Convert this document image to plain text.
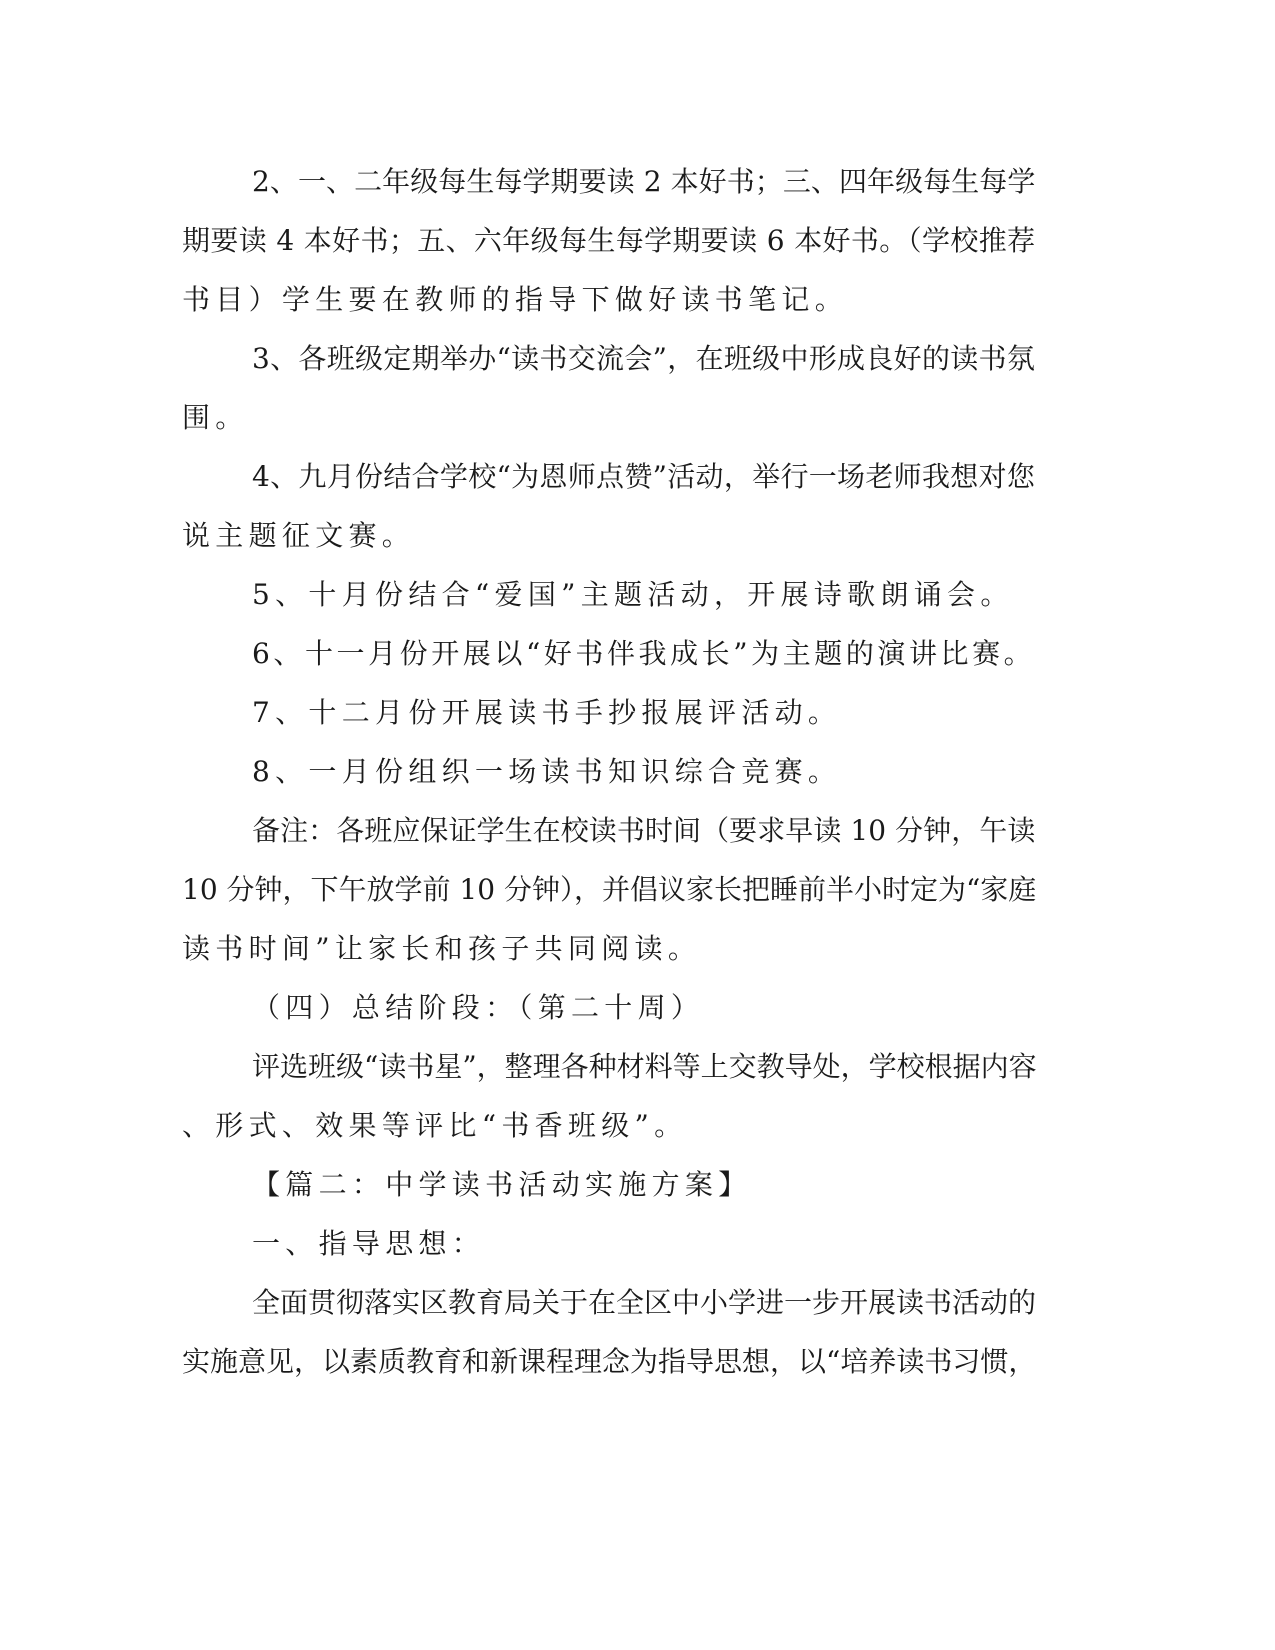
2、一、二年级每生每学期要读 2 本好书；三、四年级每生每学

期要读 4 本好书；五、六年级每生每学期要读 6 本好书。（学校推荐

书目）学生要在教师的指导下做好读书笔记。

3、各班级定期举办“读书交流会”，在班级中形成良好的读书氛

围。

4、九月份结合学校“为恩师点赞”活动，举行一场老师我想对您

说主题征文赛。

5、十月份结合“爱国”主题活动，开展诗歌朗诵会。

6、十一月份开展以“好书伴我成长”为主题的演讲比赛。

7、十二月份开展读书手抄报展评活动。

8、一月份组织一场读书知识综合竞赛。

备注：各班应保证学生在校读书时间（要求早读 10 分钟，午读

10 分钟，下午放学前 10 分钟），并倡议家长把睡前半小时定为“家庭

读书时间”让家长和孩子共同阅读。

（四）总结阶段：（第二十周）

评选班级“读书星”，整理各种材料等上交教导处，学校根据内容

、形式、效果等评比“书香班级”。

【篇二：中学读书活动实施方案】

一、指导思想：

全面贯彻落实区教育局关于在全区中小学进一步开展读书活动的

实施意见，以素质教育和新课程理念为指导思想，以“培养读书习惯，
